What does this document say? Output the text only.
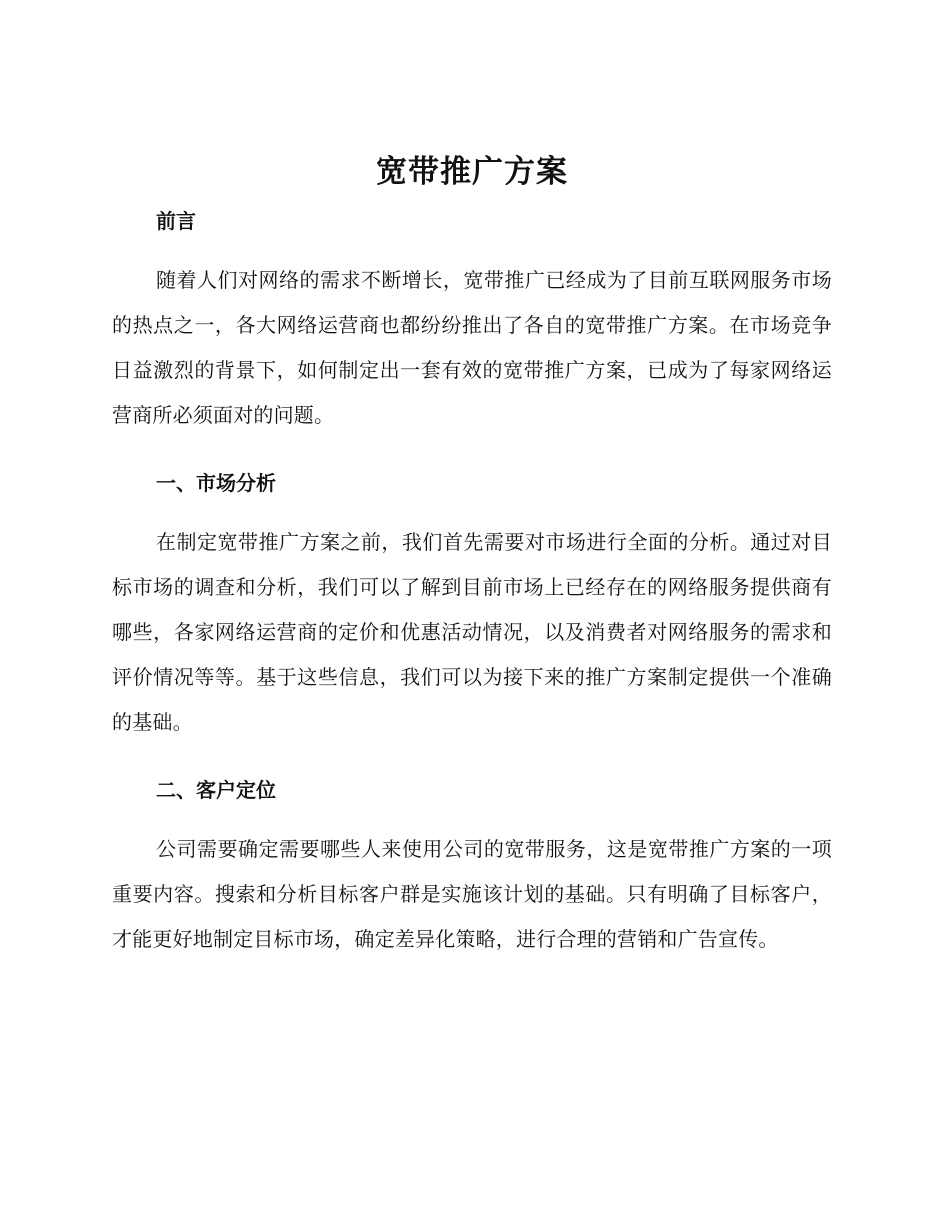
宽带推广方案
前言

随着人们对网络的需求不断增长，宽带推广已经成为了目前互联网服务市场的热点之一，各大网络运营商也都纷纷推出了各自的宽带推广方案。在市场竞争日益激烈的背景下，如何制定出一套有效的宽带推广方案，已成为了每家网络运营商所必须面对的问题。

一、市场分析

在制定宽带推广方案之前，我们首先需要对市场进行全面的分析。通过对目标市场的调查和分析，我们可以了解到目前市场上已经存在的网络服务提供商有哪些，各家网络运营商的定价和优惠活动情况，以及消费者对网络服务的需求和评价情况等等。基于这些信息，我们可以为接下来的推广方案制定提供一个准确的基础。

二、客户定位

公司需要确定需要哪些人来使用公司的宽带服务，这是宽带推广方案的一项重要内容。搜索和分析目标客户群是实施该计划的基础。只有明确了目标客户，才能更好地制定目标市场，确定差异化策略，进行合理的营销和广告宣传。
